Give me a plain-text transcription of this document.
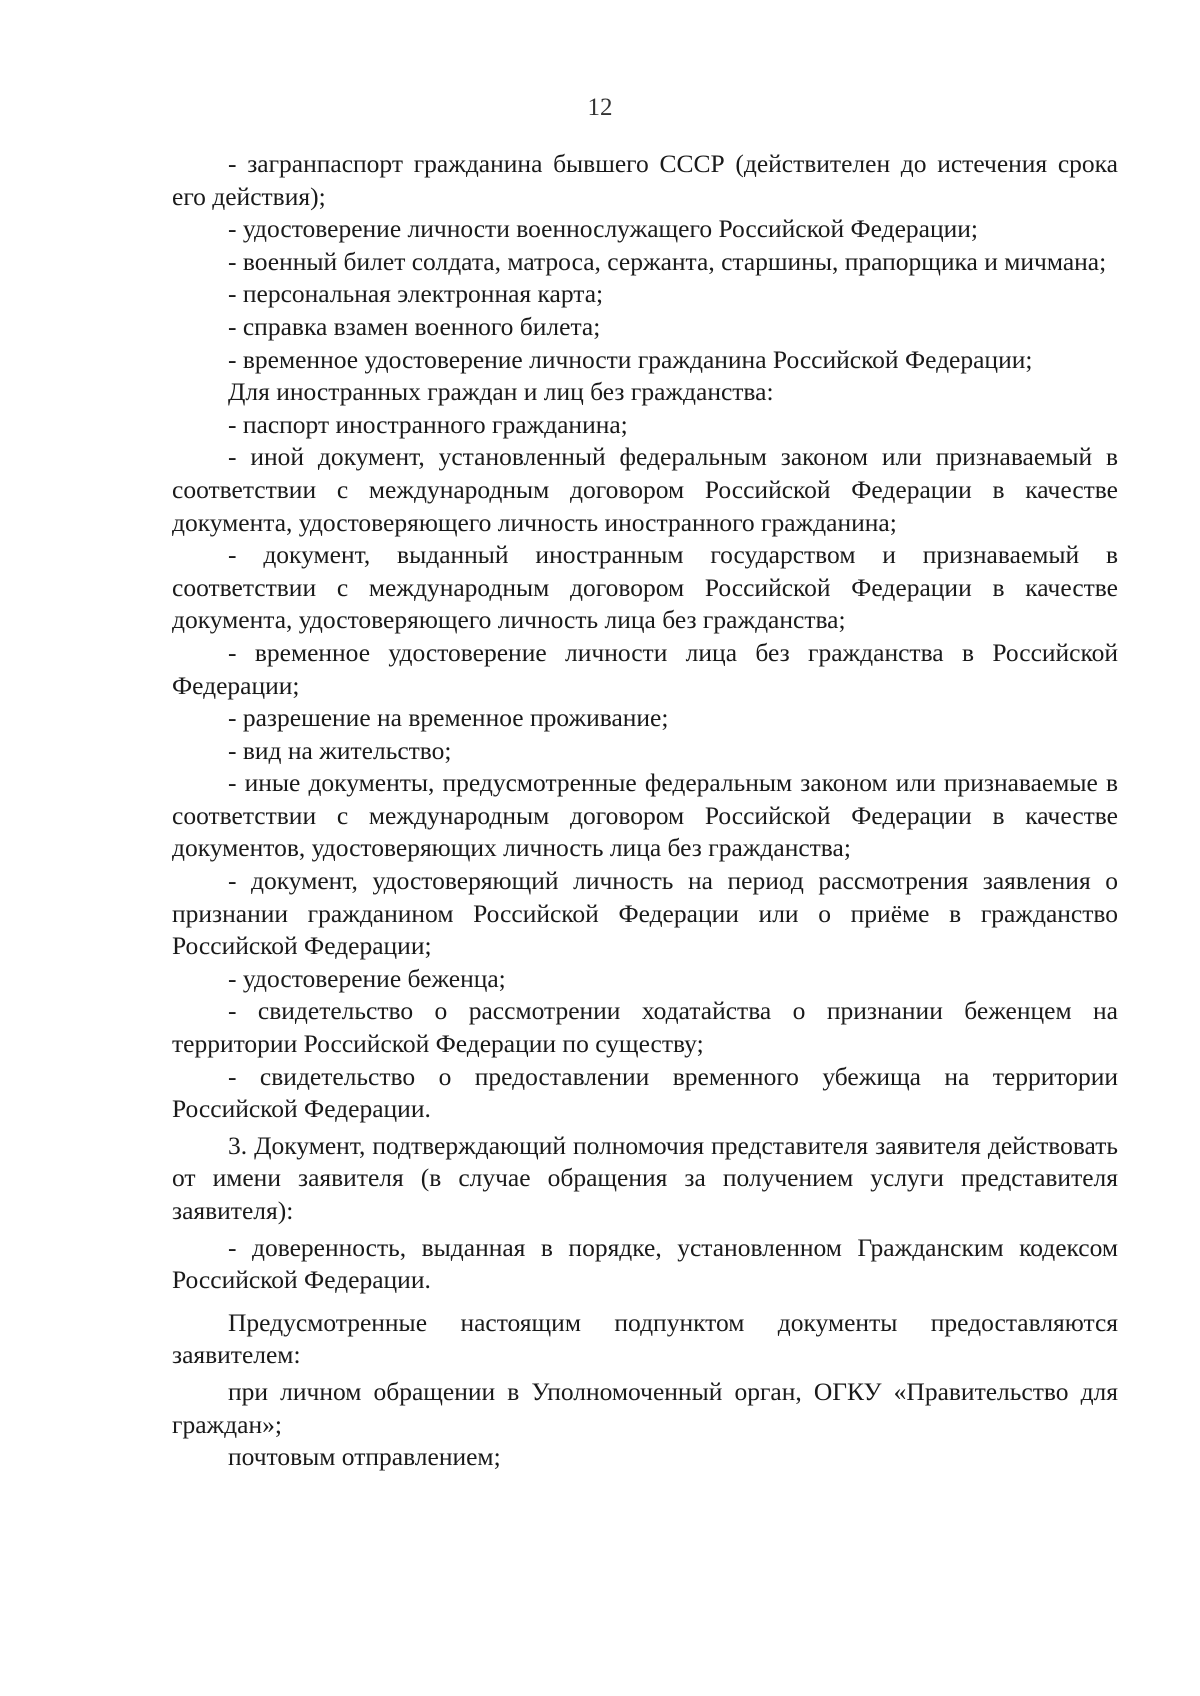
12

- загранпаспорт гражданина бывшего СССР (действителен до истечения срока его действия);

- удостоверение личности военнослужащего Российской Федерации;

- военный билет солдата, матроса, сержанта, старшины, прапорщика и мичмана;

- персональная электронная карта;

- справка взамен военного билета;

- временное удостоверение личности гражданина Российской Федерации;

Для иностранных граждан и лиц без гражданства:

- паспорт иностранного гражданина;

- иной документ, установленный федеральным законом или признаваемый в соответствии с международным договором Российской Федерации в качестве документа, удостоверяющего личность иностранного гражданина;

- документ, выданный иностранным государством и признаваемый в соответствии с международным договором Российской Федерации в качестве документа, удостоверяющего личность лица без гражданства;

- временное удостоверение личности лица без гражданства в Российской Федерации;

- разрешение на временное проживание;

- вид на жительство;

- иные документы, предусмотренные федеральным законом или признаваемые в соответствии с международным договором Российской Федерации в качестве документов, удостоверяющих личность лица без гражданства;

- документ, удостоверяющий личность на период рассмотрения заявления о признании гражданином Российской Федерации или о приёме в гражданство Российской Федерации;

- удостоверение беженца;

- свидетельство о рассмотрении ходатайства о признании беженцем на территории Российской Федерации по существу;

- свидетельство о предоставлении временного убежища на территории Российской Федерации.

3. Документ, подтверждающий полномочия представителя заявителя действовать от имени заявителя (в случае обращения за получением услуги представителя заявителя):

- доверенность, выданная в порядке, установленном Гражданским кодексом Российской Федерации.

Предусмотренные настоящим подпунктом документы предоставляются заявителем:

при личном обращении в Уполномоченный орган, ОГКУ «Правительство для граждан»;

почтовым отправлением;
